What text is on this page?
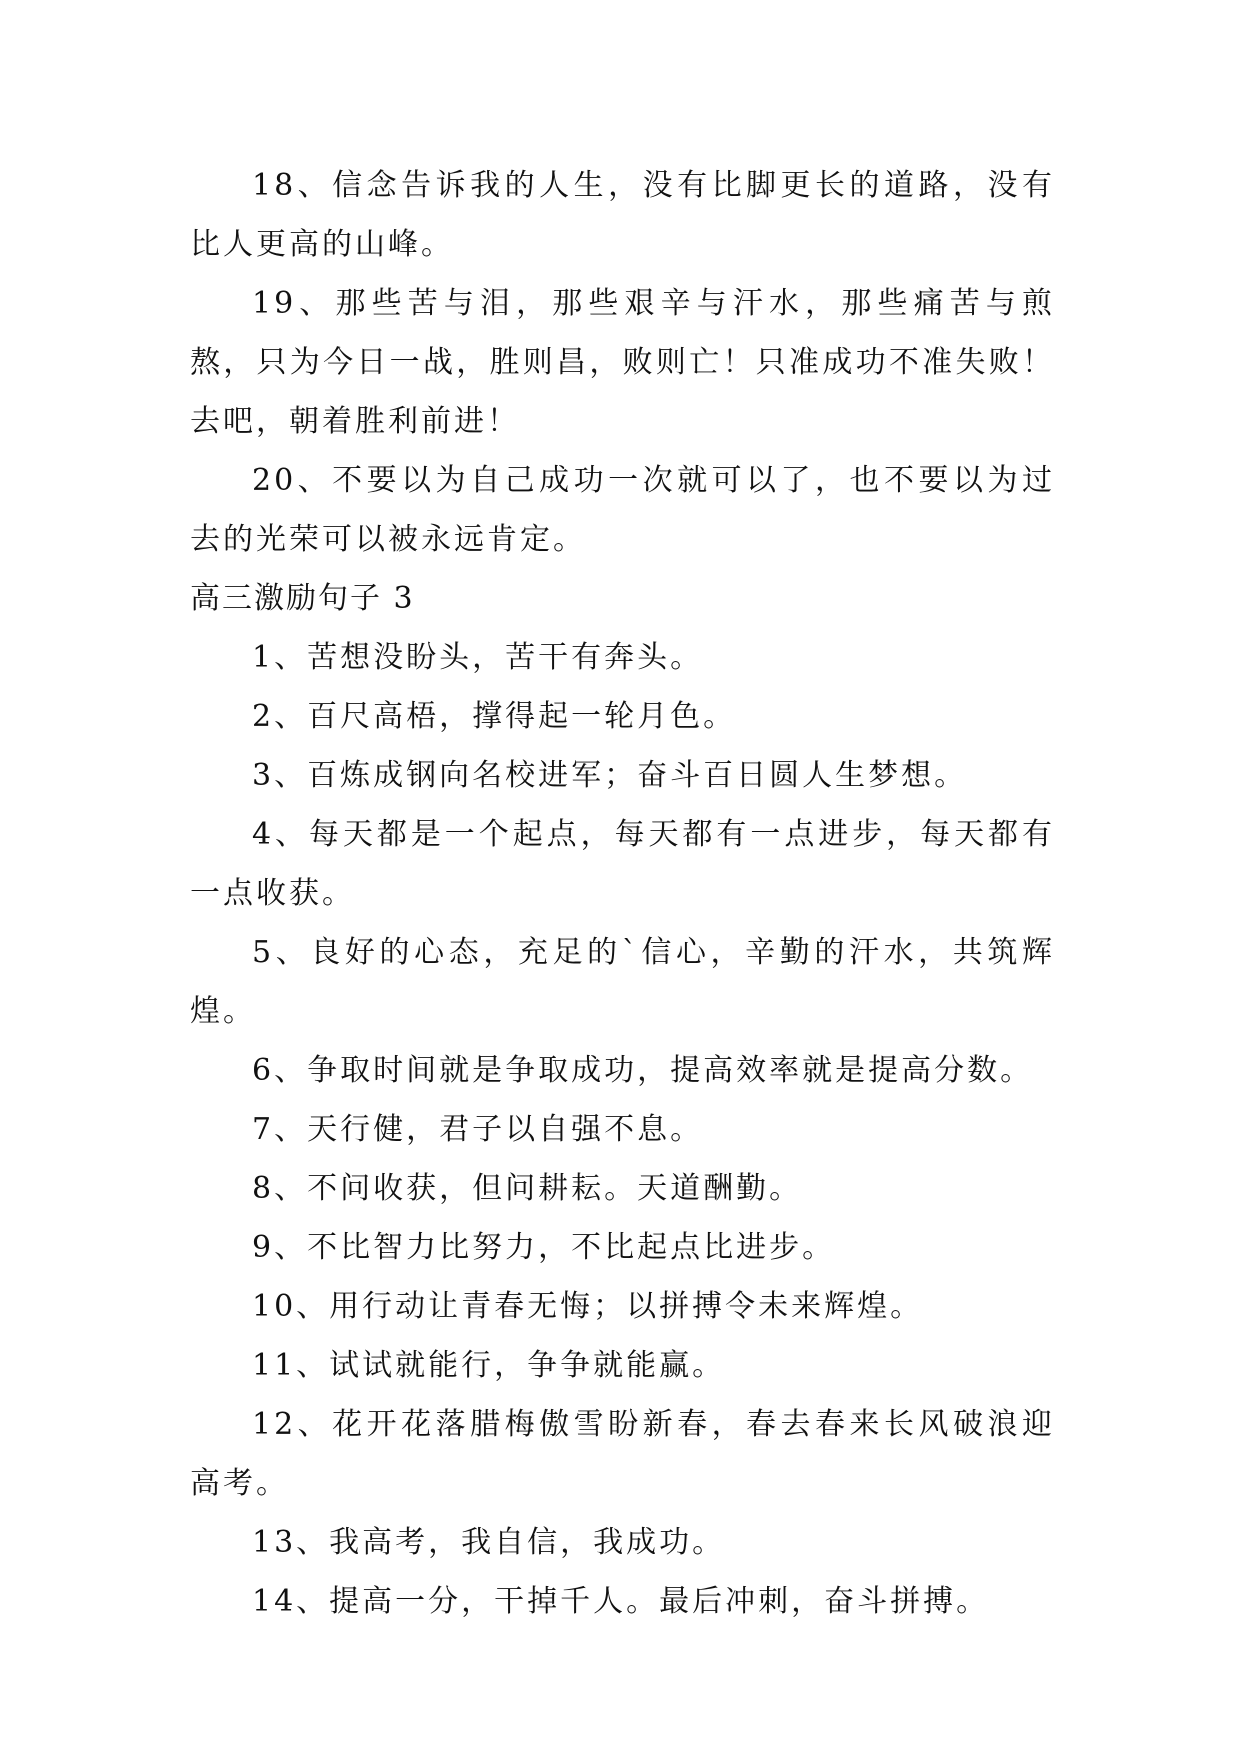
18、信念告诉我的人生，没有比脚更长的道路，没有比人更高的山峰。

19、那些苦与泪，那些艰辛与汗水，那些痛苦与煎熬，只为今日一战，胜则昌，败则亡！只准成功不准失败！去吧，朝着胜利前进！

20、不要以为自己成功一次就可以了，也不要以为过去的光荣可以被永远肯定。

高三激励句子 3

1、苦想没盼头，苦干有奔头。

2、百尺高梧，撑得起一轮月色。

3、百炼成钢向名校进军；奋斗百日圆人生梦想。

4、每天都是一个起点，每天都有一点进步，每天都有一点收获。

5、良好的心态，充足的`信心，辛勤的汗水，共筑辉煌。

6、争取时间就是争取成功，提高效率就是提高分数。

7、天行健，君子以自强不息。

8、不问收获，但问耕耘。天道酬勤。

9、不比智力比努力，不比起点比进步。

10、用行动让青春无悔；以拼搏令未来辉煌。

11、试试就能行，争争就能赢。

12、花开花落腊梅傲雪盼新春，春去春来长风破浪迎高考。

13、我高考，我自信，我成功。

14、提高一分，干掉千人。最后冲刺，奋斗拼搏。
